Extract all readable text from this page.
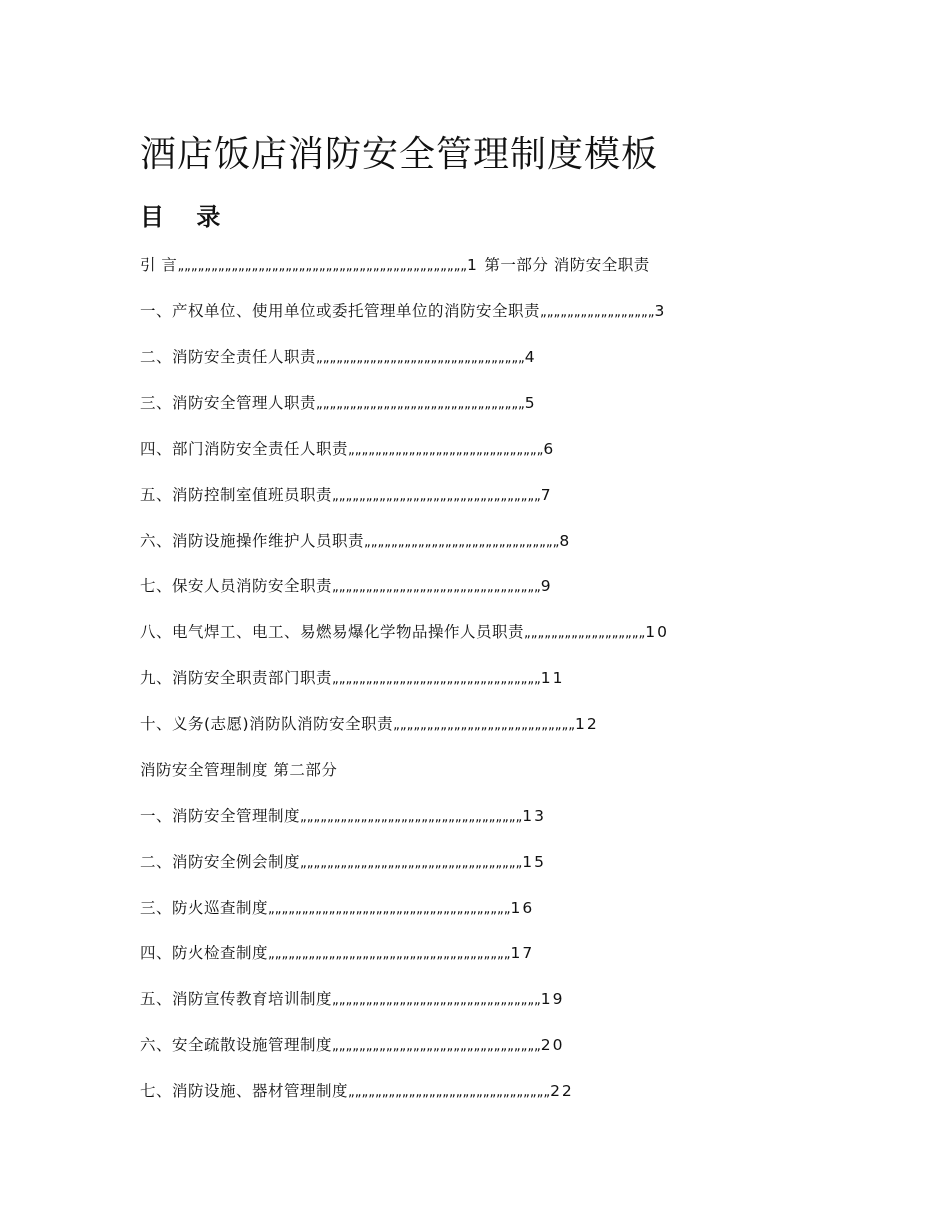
酒店饭店消防安全管理制度模板
目 录
引 言„„„„„„„„„„„„„„„„„„„„„„„„„„„„„„„„„„„„„„„„„„„1 第一部分 消防安全职责
一、产权单位、使用单位或委托管理单位的消防安全职责„„„„„„„„„„„„„„„„„3
二、消防安全责任人职责„„„„„„„„„„„„„„„„„„„„„„„„„„„„„„„4
三、消防安全管理人职责„„„„„„„„„„„„„„„„„„„„„„„„„„„„„„„5
四、部门消防安全责任人职责„„„„„„„„„„„„„„„„„„„„„„„„„„„„„6
五、消防控制室值班员职责„„„„„„„„„„„„„„„„„„„„„„„„„„„„„„„7
六、消防设施操作维护人员职责„„„„„„„„„„„„„„„„„„„„„„„„„„„„„8
七、保安人员消防安全职责„„„„„„„„„„„„„„„„„„„„„„„„„„„„„„„9
八、电气焊工、电工、易燃易爆化学物品操作人员职责„„„„„„„„„„„„„„„„„„10
九、消防安全职责部门职责„„„„„„„„„„„„„„„„„„„„„„„„„„„„„„„11
十、义务(志愿)消防队消防安全职责„„„„„„„„„„„„„„„„„„„„„„„„„„„12
消防安全管理制度 第二部分
一、消防安全管理制度„„„„„„„„„„„„„„„„„„„„„„„„„„„„„„„„„13
二、消防安全例会制度„„„„„„„„„„„„„„„„„„„„„„„„„„„„„„„„„15
三、防火巡查制度„„„„„„„„„„„„„„„„„„„„„„„„„„„„„„„„„„„„16
四、防火检查制度„„„„„„„„„„„„„„„„„„„„„„„„„„„„„„„„„„„„17
五、消防宣传教育培训制度„„„„„„„„„„„„„„„„„„„„„„„„„„„„„„„19
六、安全疏散设施管理制度„„„„„„„„„„„„„„„„„„„„„„„„„„„„„„„20
七、消防设施、器材管理制度„„„„„„„„„„„„„„„„„„„„„„„„„„„„„„22
